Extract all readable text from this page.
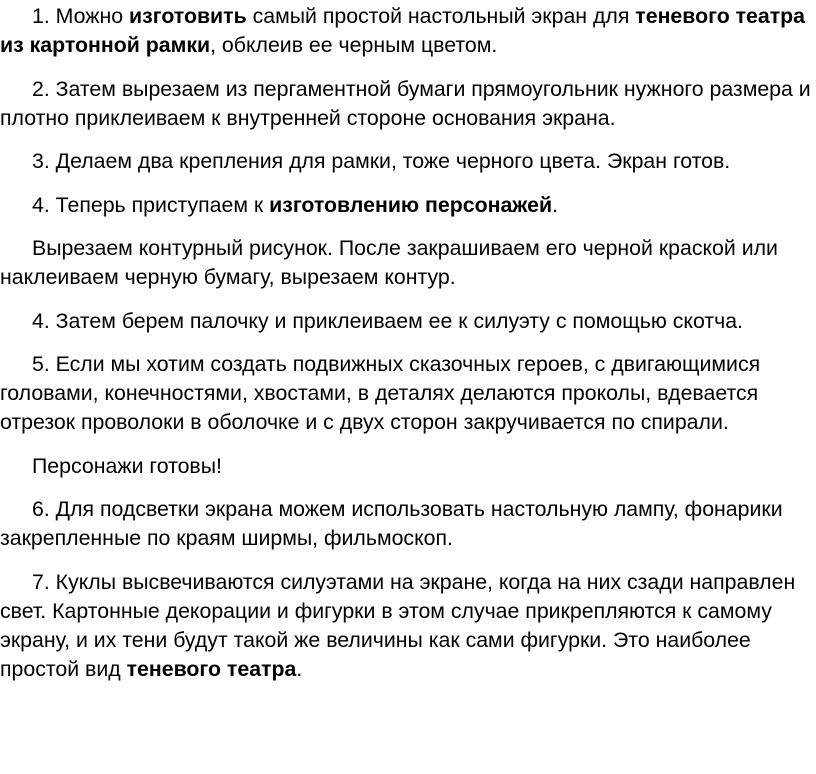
1. Можно изготовить самый простой настольный экран для теневого театра из картонной рамки, обклеив ее черным цветом.

2. Затем вырезаем из пергаментной бумаги прямоугольник нужного размера и плотно приклеиваем к внутренней стороне основания экрана.

3. Делаем два крепления для рамки, тоже черного цвета. Экран готов.

4. Теперь приступаем к изготовлению персонажей.

Вырезаем контурный рисунок. После закрашиваем его черной краской или наклеиваем черную бумагу, вырезаем контур.

4. Затем берем палочку и приклеиваем ее к силуэту с помощью скотча.

5. Если мы хотим создать подвижных сказочных героев, с двигающимися головами, конечностями, хвостами, в деталях делаются проколы, вдевается отрезок проволоки в оболочке и с двух сторон закручивается по спирали.

Персонажи готовы!

6. Для подсветки экрана можем использовать настольную лампу, фонарики закрепленные по краям ширмы, фильмоскоп.

7. Куклы высвечиваются силуэтами на экране, когда на них сзади направлен свет. Картонные декорации и фигурки в этом случае прикрепляются к самому экрану, и их тени будут такой же величины как сами фигурки. Это наиболее простой вид теневого театра.
